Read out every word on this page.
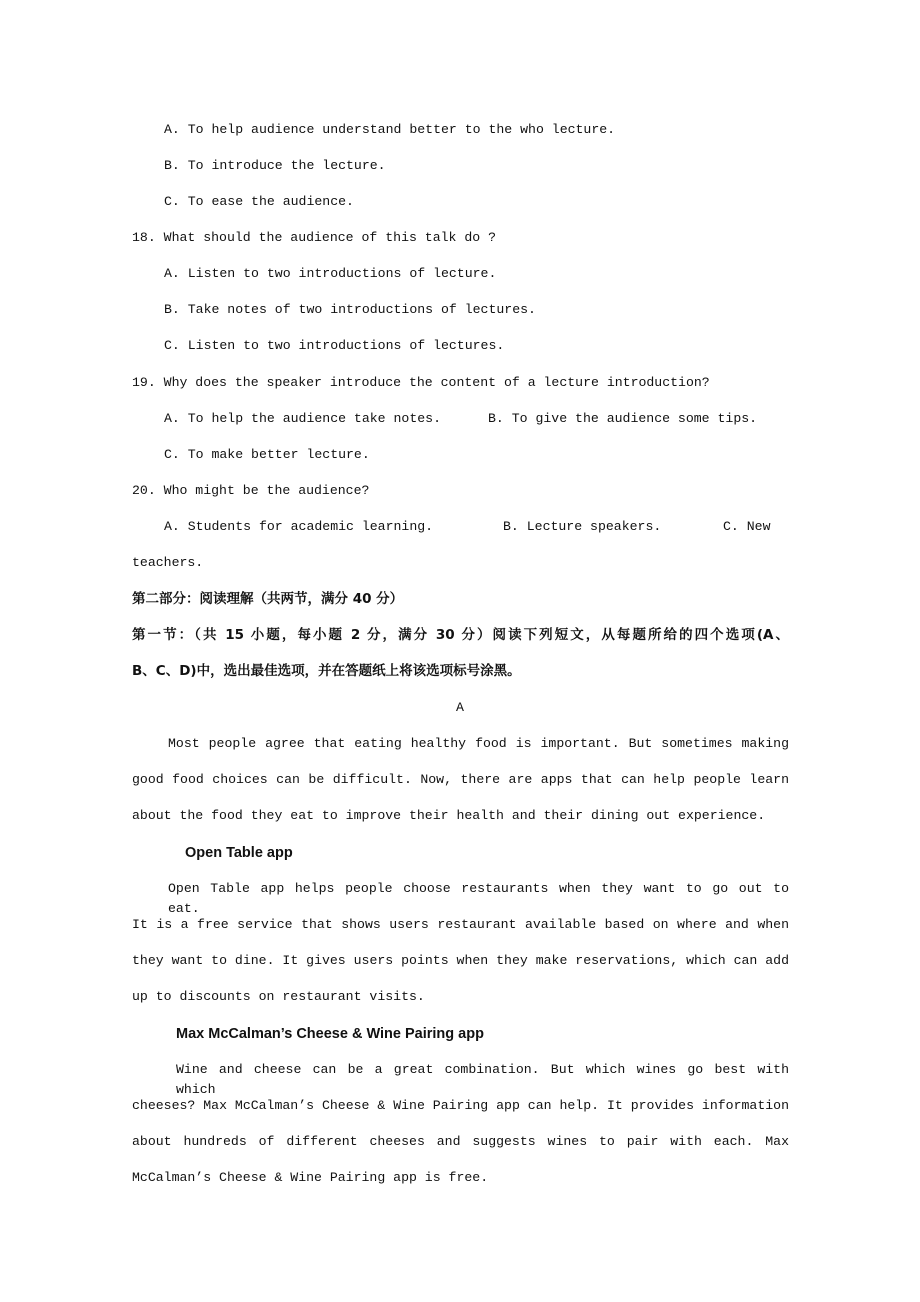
A. To help audience understand better to the who lecture.
B. To introduce the lecture.
C. To ease the audience.
18. What should the audience of this talk do ?
A. Listen to two introductions of lecture.
B. Take notes of two introductions of lectures.
C. Listen to two introductions of lectures.
19. Why does the speaker introduce the content of a lecture introduction?
A. To help the audience take notes.	B. To give the audience some tips.
C. To make better lecture.
20. Who might be the audience?
A. Students for academic learning.	B. Lecture speakers.	C. New
teachers.
第二部分：阅读理解（共两节，满分 40 分）
第一节：（共 15 小题，每小题 2 分，满分 30 分）阅读下列短文，从每题所给的四个选项(A、
B、C、D)中，选出最佳选项，并在答题纸上将该选项标号涂黑。
Most people agree that eating healthy food is important. But sometimes making
good food choices can be difficult. Now, there are apps that can help people learn
about the food they eat to improve their health and their dining out experience.
Open Table app
Open Table app helps people choose restaurants when they want to go out to eat.
It is a free service that shows users restaurant available based on where and when
they want to dine. It gives users points when they make reservations, which can add
up to discounts on restaurant visits.
Max McCalman’s Cheese & Wine Pairing app
Wine and cheese can be a great combination. But which wines go best with which
cheeses? Max McCalman’s Cheese & Wine Pairing app can help. It provides information
about hundreds of different cheeses and suggests wines to pair with each. Max
McCalman’s Cheese & Wine Pairing app is free.
A
